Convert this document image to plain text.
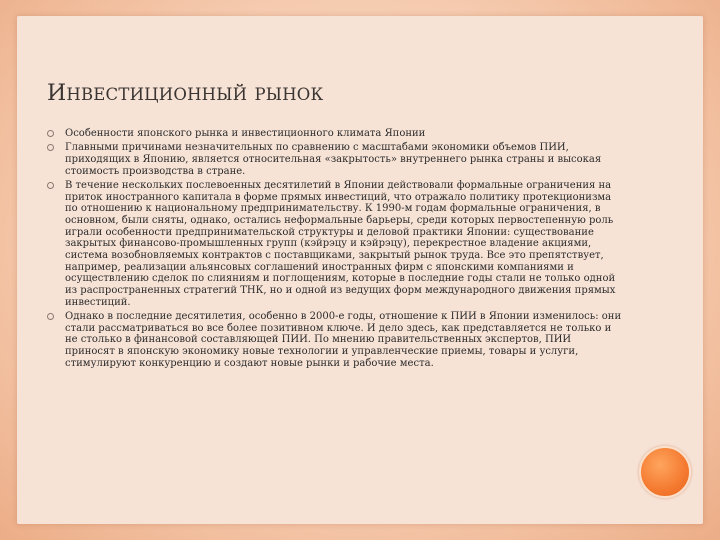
ИНВЕСТИЦИОННЫЙ РЫНОК
Особенности японского рынка и инвестиционного климата Японии
Главными причинами незначительных по сравнению с масштабами экономики объемов ПИИ, приходящих в Японию, является относительная «закрытость» внутреннего рынка страны и высокая стоимость производства в стране.
В течение нескольких послевоенных десятилетий в Японии действовали формальные ограничения на приток иностранного капитала в форме прямых инвестиций, что отражало политику протекционизма по отношению к национальному предпринимательству. К 1990-м годам формальные ограничения, в основном, были сняты, однако, остались неформальные барьеры, среди которых первостепенную роль играли особенности предпринимательской структуры и деловой практики Японии: существование закрытых финансово-промышленных групп (кэйрэцу и кэйрэцу), перекрестное владение акциями, система возобновляемых контрактов с поставщиками, закрытый рынок труда. Все это препятствует, например, реализации альянсовых соглашений иностранных фирм с японскими компаниями и осуществлению сделок по слияниям и поглощениям, которые в последние годы стали не только одной из распространенных стратегий ТНК, но и одной из ведущих форм международного движения прямых инвестиций.
Однако в последние десятилетия, особенно в 2000-е годы, отношение к ПИИ в Японии изменилось: они стали рассматриваться во все более позитивном ключе. И дело здесь, как представляется не только и не столько в финансовой составляющей ПИИ. По мнению правительственных экспертов, ПИИ приносят в японскую экономику новые технологии и управленческие приемы, товары и услуги, стимулируют конкуренцию и создают новые рынки и рабочие места.
